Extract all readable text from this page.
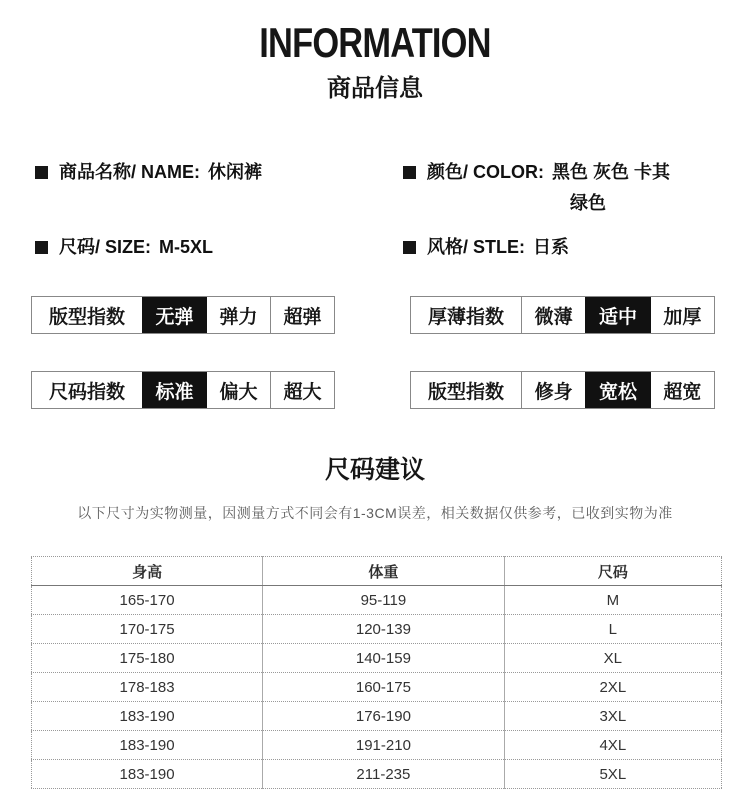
INFORMATION
商品信息
商品名称/ NAME: 休闲裤	颜色/ COLOR: 黑色 灰色 卡其
绿色
尺码/ SIZE: M-5XL	风格/ STLE: 日系
版型指数	无弹	弹力	超弹	厚薄指数	微薄	适中	加厚
尺码指数	标准	偏大	超大	版型指数	修身	宽松	超宽
尺码建议
以下尺寸为实物测量，因测量方式不同会有1-3CM误差，相关数据仅供参考，已收到实物为准
身高	体重	尺码
165-170	95-119	M
170-175	120-139	L
175-180	140-159	XL
178-183	160-175	2XL
183-190	176-190	3XL
183-190	191-210	4XL
183-190	211-235	5XL
